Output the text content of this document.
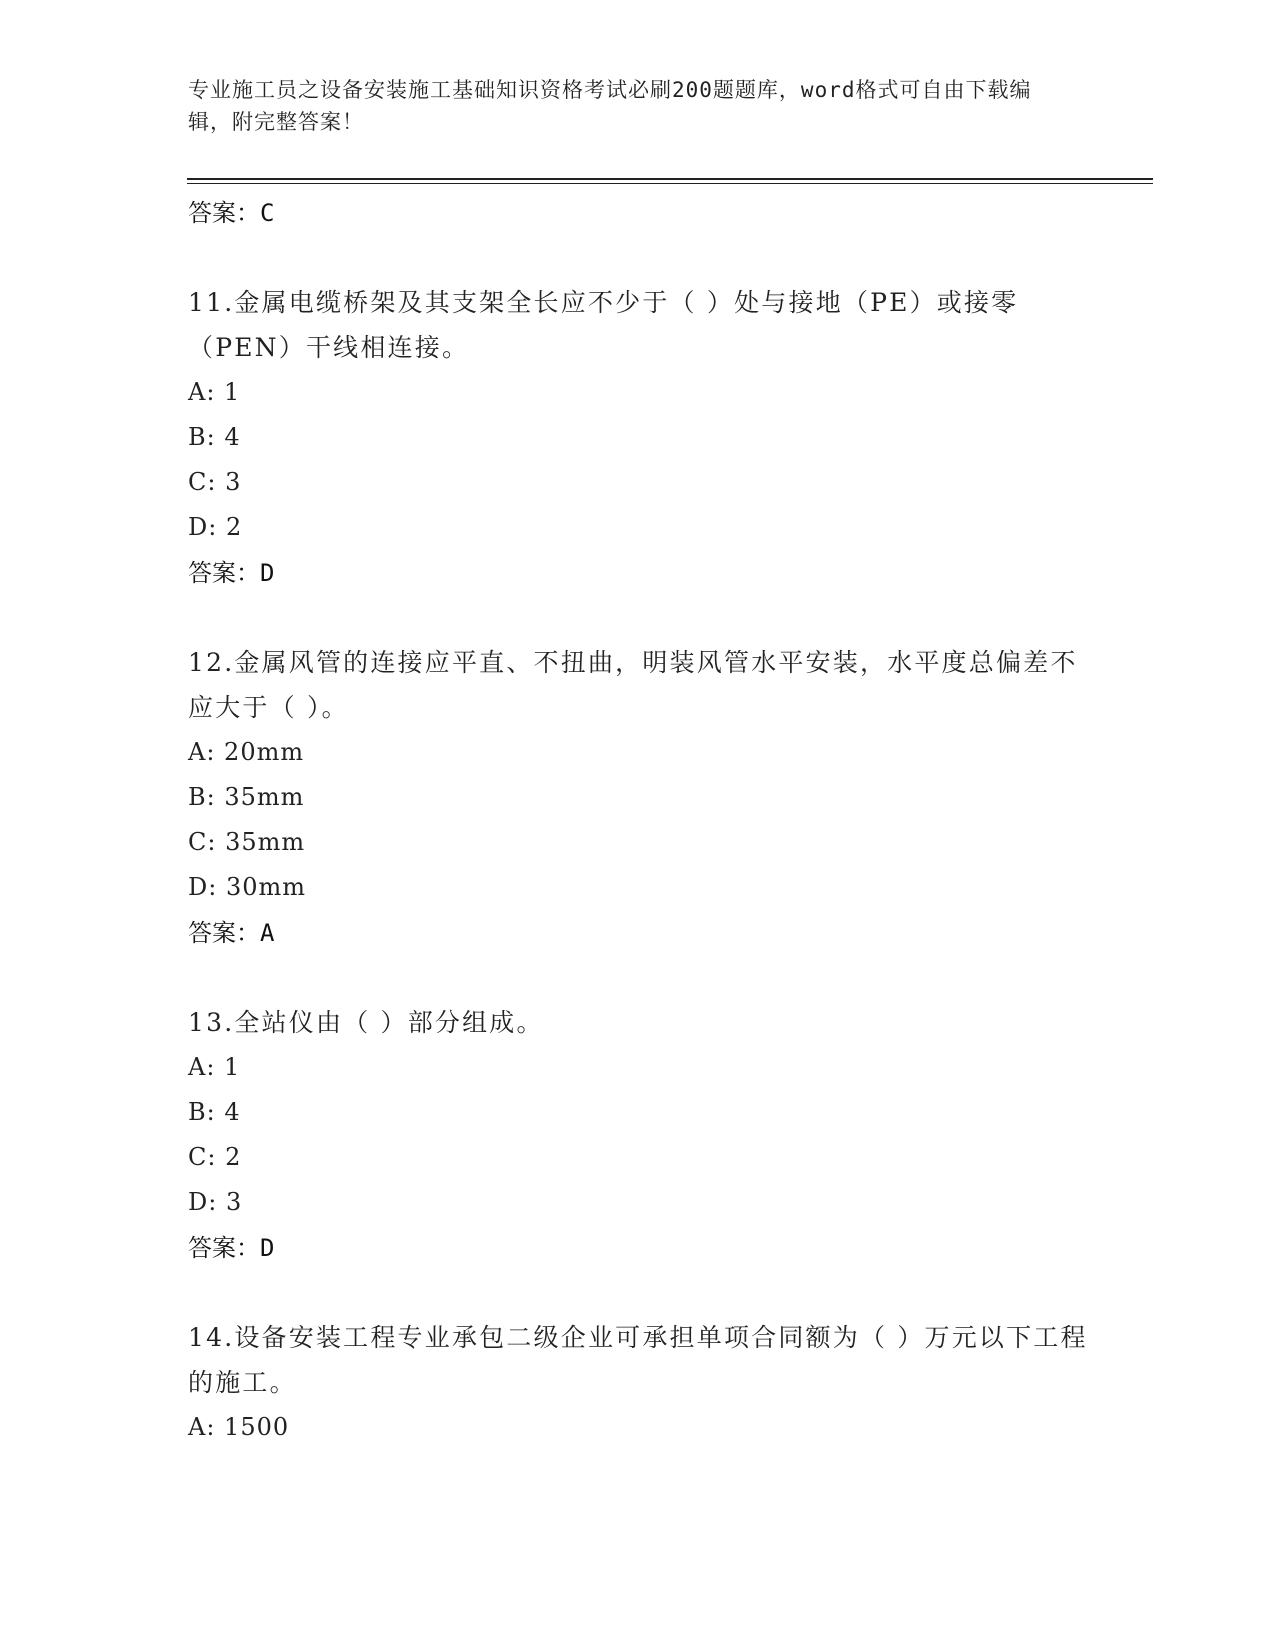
专业施工员之设备安装施工基础知识资格考试必刷200题题库，word格式可自由下载编辑，附完整答案！
答案：C
11.金属电缆桥架及其支架全长应不少于（ ）处与接地（PE）或接零（PEN）干线相连接。
A: 1
B: 4
C: 3
D: 2
答案：D
12.金属风管的连接应平直、不扭曲，明装风管水平安装，水平度总偏差不应大于（ ）。
A: 20mm
B: 35mm
C: 35mm
D: 30mm
答案：A
13.全站仪由（ ）部分组成。
A: 1
B: 4
C: 2
D: 3
答案：D
14.设备安装工程专业承包二级企业可承担单项合同额为（ ）万元以下工程的施工。
A: 1500
